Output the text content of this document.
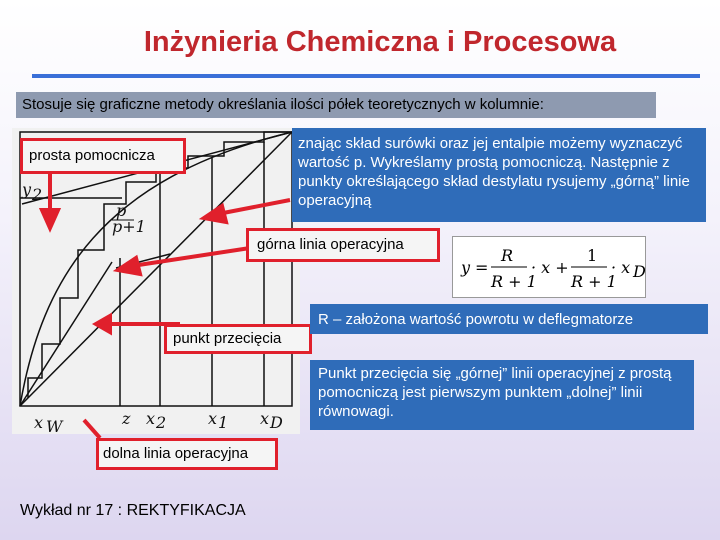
Inżynieria Chemiczna i Procesowa
Stosuje się graficzne metody określania ilości półek teoretycznych w kolumnie:
y 2
p
p+1
x W	z x 2	x 1 x D
prosta pomocnicza
górna linia operacyjna
punkt przecięcia
dolna linia operacyjna
znając skład surówki oraz jej entalpie możemy wyznaczyć wartość p. Wykreślamy prostą pomocniczą. Następnie z punkty określającego skład destylatu rysujemy „górną” linie operacyjną
R – założona wartość powrotu w deflegmatorze
Punkt przecięcia się „górnej” linii operacyjnej z prostą pomocniczą jest pierwszym punktem „dolnej” linii równowagi.
y =
R
R + 1
· x +
1
R + 1
· x D
Wykład nr 17 : REKTYFIKACJA
